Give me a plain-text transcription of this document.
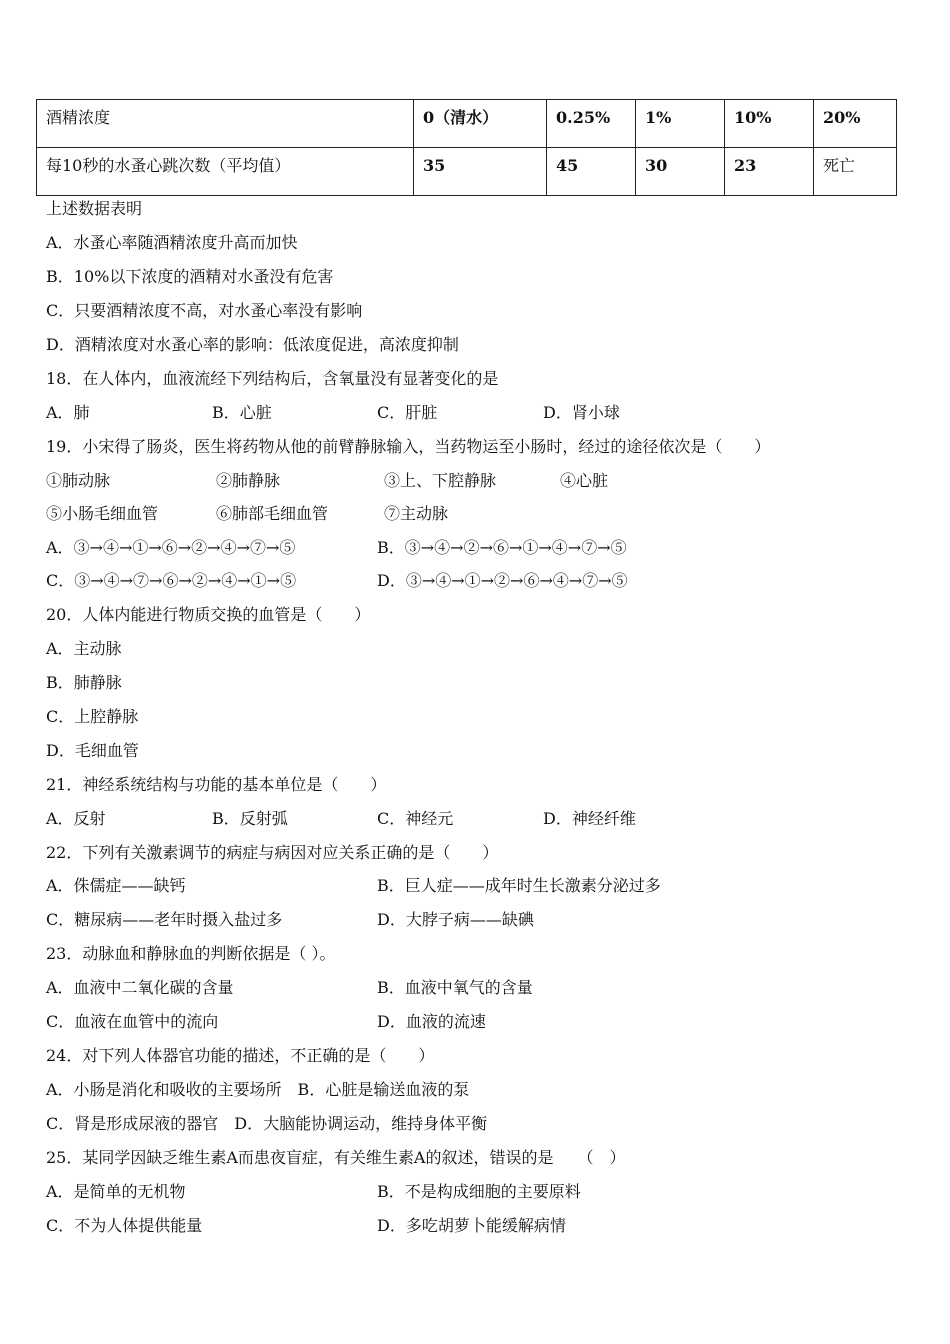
酒精浓度	0（清水）	0.25%	1%	10%	20%
每10秒的水蚤心跳次数（平均值）	35	45	30	23	死亡
上述数据表明
A．水蚤心率随酒精浓度升高而加快
B．10%以下浓度的酒精对水蚤没有危害
C．只要酒精浓度不高，对水蚤心率没有影响
D．酒精浓度对水蚤心率的影响：低浓度促进，高浓度抑制
18．在人体内，血液流经下列结构后，含氧量没有显著变化的是
A．肺	B．心脏	C．肝脏	D．肾小球
19．小宋得了肠炎，医生将药物从他的前臂静脉输入，当药物运至小肠时，经过的途径依次是（　　）
①肺动脉	②肺静脉	③上、下腔静脉	④心脏
⑤小肠毛细血管	⑥肺部毛细血管	⑦主动脉
A．③→④→①→⑥→②→④→⑦→⑤	B．③→④→②→⑥→①→④→⑦→⑤
C．③→④→⑦→⑥→②→④→①→⑤	D．③→④→①→②→⑥→④→⑦→⑤
20．人体内能进行物质交换的血管是（　　）
A．主动脉
B．肺静脉
C．上腔静脉
D．毛细血管
21．神经系统结构与功能的基本单位是（　　）
A．反射	B．反射弧	C．神经元	D．神经纤维
22．下列有关激素调节的病症与病因对应关系正确的是（　　）
A．侏儒症——缺钙	B．巨人症——成年时生长激素分泌过多
C．糖尿病——老年时摄入盐过多	D．大脖子病——缺碘
23．动脉血和静脉血的判断依据是（ ）。
A．血液中二氧化碳的含量	B．血液中氧气的含量
C．血液在血管中的流向	D．血液的流速
24．对下列人体器官功能的描述，不正确的是（　　）
A．小肠是消化和吸收的主要场所　B．心脏是输送血液的泵
C．肾是形成尿液的器官　D．大脑能协调运动，维持身体平衡
25．某同学因缺乏维生素A而患夜盲症，有关维生素A的叙述，错误的是　　（　）
A．是简单的无机物	B．不是构成细胞的主要原料
C．不为人体提供能量	D．多吃胡萝卜能缓解病情
